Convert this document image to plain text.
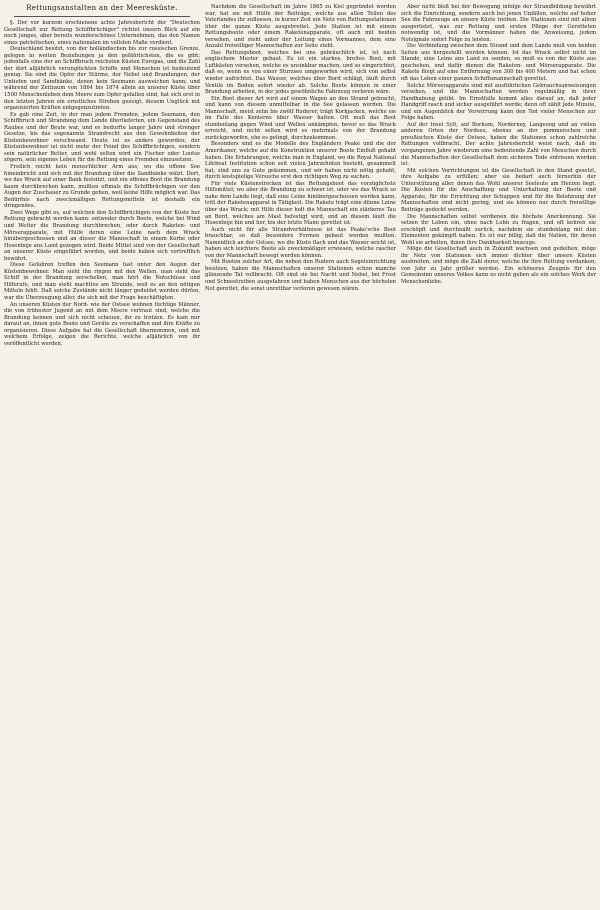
Rettungsanstalten an der Meeresküste.

§. Der vor kurzem erschienene achte Jahresbericht der "Deutschen Gesellschaft zur Rettung Schiffbrüchiger" richtet unsern Blick auf ein noch junges, aber bereits wunderschönes Unternehmen, das den Namen eines patriotischen, eines nationalen im vollsten Maße verdient.

Deutschland besitzt, von der holländischen bis zur russischen Grenze, gelegen in weiten Beziehungen ja den gefährlichsten, die es gibt; jedenfalls eine der an Schiffbruch reichsten Küsten Europas, und die Zahl der dort alljährlich verunglückten Schiffe und Menschen ist bedeutend genug. Sie sind die Opfer der Stürme, der Nebel und Brandungen, der Untiefen und Sandbänke, denen kein Seemann ausweichen kann; und während der Zeitraum von 1864 bis 1874 allein an unserer Küste über 1500 Menschenleben dem Meere zum Opfer gefallen sind, hat sich erst in den letzten Jahren ein ernstliches Streben gezeigt, diesem Unglück mit organisierten Kräften entgegenzutreten.

Es gab eine Zeit, in der man jedem Fremden, jedem Seemann, den Schiffbruch und Strandung dem Lande überlieferten, ein Gegenstand des Raubes und der Beute war, und es bedurfte langer Jahre und strenger Gesetze, bis das sogenannte Strandrecht aus den Gewohnheiten der Küstenbewohner verschwand. Heute ist es anders geworden; der Küstenbewohner ist nicht mehr der Feind des Schiffbrüchigen, sondern sein natürlicher Retter, und wohl selten wird ein Fischer oder Lootse zögern, sein eigenes Leben für die Rettung eines Fremden einzusetzen.

Freilich reicht kein menschlicher Arm aus, wo die offene See hineinbricht und sich mit der Brandung über die Sandbänke wälzt. Dort, wo das Wrack auf einer Bank festsitzt, und ein offenes Boot die Brandung kaum durchbrechen kann, mußten oftmals die Schiffbrüchigen vor den Augen der Zuschauer zu Grunde gehen, weil keine Hilfe möglich war. Das Bedürfnis nach zweckmäßigen Rettungsmitteln ist deshalb ein dringendes.

Zwei Wege gibt es, auf welchen den Schiffbrüchigen von der Küste her Rettung gebracht werden kann: entweder durch Boote, welche bei Wind und Wetter die Brandung durchbrechen, oder durch Raketen- und Mörserapparate, mit Hülfe deren eine Leine nach dem Wrack hinübergeschossen und an dieser die Mannschaft in einem Korbe oder Hosenboje ans Land gezogen wird. Beide Mittel sind von der Gesellschaft an unserer Küste eingeführt worden, und beide haben sich vortrefflich bewährt.

Diese Gefahren treffen den Seemann fast unter den Augen der Küstenbewohner. Man sieht ihn ringen mit den Wellen, man sieht das Schiff in der Brandung zerschellen, man hört die Notschüsse und Hilferufe, und man steht machtlos am Strande, weil es an den nötigen Mitteln fehlt. Daß solche Zustände nicht länger geduldet werden dürfen, war die Überzeugung aller, die sich mit der Frage beschäftigten.

An unseren Küsten der Nord- wie der Ostsee wohnen tüchtige Männer, die von frühester Jugend an mit dem Meere vertraut sind, welche die Brandung kennen und sich nicht scheuen, ihr zu trotzen. Es kam nur darauf an, ihnen gute Boote und Geräte zu verschaffen und ihre Kräfte zu organisieren. Diese Aufgabe hat die Gesellschaft übernommen, und mit welchem Erfolge, zeigen die Berichte, welche alljährlich von ihr veröffentlicht werden.

Nachdem die Gesellschaft im Jahre 1865 zu Kiel gegründet worden war, hat sie mit Hülfe der Beiträge, welche aus allen Teilen des Vaterlandes ihr zuflossen, in kurzer Zeit ein Netz von Rettungsstationen über die ganze Küste ausgebreitet. Jede Station ist mit einem Rettungsboote oder einem Raketenapparate, oft auch mit beiden versehen, und steht unter der Leitung eines Vormannes, dem eine Anzahl freiwilliger Mannschaften zur Seite steht.

Das Rettungsboot, welches bei uns gebräuchlich ist, ist nach englischem Muster gebaut. Es ist ein starkes, breites Boot, mit Luftkästen versehen, welche es unsinkbar machen, und so eingerichtet, daß es, wenn es von einer Sturzsee umgeworfen wird, sich von selbst wieder aufrichtet. Das Wasser, welches über Bord schlägt, läuft durch Ventile im Boden sofort wieder ab. Solche Boote können in einer Brandung arbeiten, in der jedes gewöhnliche Fahrzeug verloren wäre.

Ein Boot dieser Art wird auf einem Wagen an den Strand gebracht, und kann von diesem unmittelbar in die See gelassen werden. Die Mannschaft, meist zehn bis zwölf Ruderer, trägt Korkjacken, welche sie im Falle des Kenterns über Wasser halten. Oft muß das Boot stundenlang gegen Wind und Wellen ankämpfen, bevor es das Wrack erreicht, und nicht selten wird es mehrmals von der Brandung zurückgeworfen, ehe es gelingt, durchzukommen.

Besonders sind es die Modelle des Engländers Peake und die der Amerikaner, welche auf die Konstruktion unserer Boote Einfluß gehabt haben. Die Erfahrungen, welche man in England, wo die Royal National Lifeboat Institution schon seit vielen Jahrzehnten besteht, gesammelt hat, sind uns zu Gute gekommen, und wir haben nicht nötig gehabt, durch kostspielige Versuche erst den richtigen Weg zu suchen.

Für viele Küstenstrecken ist das Rettungsboot das vorzüglichste Hilfsmittel; wo aber die Brandung zu schwer ist, oder wo das Wrack so nahe dem Lande liegt, daß eine Leine hinübergeschossen werden kann, tritt der Raketenapparat in Tätigkeit. Die Rakete trägt eine dünne Leine über das Wrack; mit Hilfe dieser holt die Mannschaft ein stärkeres Tau an Bord, welches am Mast befestigt wird, und an diesem läuft die Hosenboje hin und her, bis der letzte Mann gerettet ist.

Auch nicht für alle Strandverhältnisse ist das Peake'sche Boot brauchbar, so daß besondere Formen gebaut werden mußten. Namentlich an der Ostsee, wo die Küste flach und das Wasser seicht ist, haben sich leichtere Boote als zweckmäßiger erwiesen, welche rascher von der Mannschaft bewegt werden können.

Mit Booten solcher Art, die neben den Rudern auch Segeleinrichtung besitzen, haben die Mannschaften unserer Stationen schon manche glänzende Tat vollbracht. Oft sind sie bei Nacht und Nebel, bei Frost und Schneetreiben ausgefahren und haben Menschen aus der höchsten Not gerettet, die sonst unrettbar verloren gewesen wären.

Aber nicht bloß bei der Bewegung infolge der Strandbildung bewährt sich die Einrichtung, sondern auch bei jenen Unfällen, welche auf hoher See die Fahrzeuge an unsere Küste treiben. Die Stationen sind mit allem ausgerüstet, was zur Rettung und ersten Pflege der Geretteten notwendig ist, und die Vormänner haben die Anweisung, jedem Notsignale sofort Folge zu leisten.

Die Verbindung zwischen dem Strand und dem Lande muß von beiden Seiten aus hergestellt werden können. Ist das Wrack selbst nicht im Stande, eine Leine ans Land zu senden, so muß es von der Küste aus geschehen, und dafür dienen die Raketen- und Mörserapparate. Die Rakete fliegt auf eine Entfernung von 300 bis 400 Metern und hat schon oft das Leben einer ganzen Schiffsmannschaft gerettet.

Solche Mörserapparate sind mit ausführlichen Gebrauchsanweisungen versehen, und die Mannschaften werden regelmäßig in ihrer Handhabung geübt. Im Ernstfalle kommt alles darauf an, daß jeder Handgriff rasch und sicher ausgeführt werde; denn oft zählt jede Minute, und ein Augenblick der Verwirrung kann den Tod vieler Menschen zur Folge haben.

Auf der Insel Sylt, auf Borkum, Norderney, Langeoog und an vielen anderen Orten der Nordsee, ebenso an der pommerschen und preußischen Küste der Ostsee, haben die Stationen schon zahlreiche Rettungen vollbracht. Der achte Jahresbericht weist nach, daß im vergangenen Jahre wiederum eine bedeutende Zahl von Menschen durch die Mannschaften der Gesellschaft dem sicheren Tode entrissen worden ist.

Mit solchen Vorrichtungen ist die Gesellschaft in den Stand gesetzt, ihre Aufgabe zu erfüllen; aber sie bedarf auch fernerhin der Unterstützung aller, denen das Wohl unserer Seeleute am Herzen liegt. Die Kosten für die Anschaffung und Unterhaltung der Boote und Apparate, für die Errichtung der Schuppen und für die Belohnung der Mannschaften sind nicht gering, und sie können nur durch freiwillige Beiträge gedeckt werden.

Die Mannschaften selbst verdienen die höchste Anerkennung. Sie setzen ihr Leben ein, ohne nach Lohn zu fragen, und oft kehren sie erschöpft und durchnäßt zurück, nachdem sie stundenlang mit den Elementen gekämpft haben. Es ist nur billig, daß die Nation, für deren Wohl sie arbeiten, ihnen ihre Dankbarkeit bezeuge.

Möge die Gesellschaft auch in Zukunft wachsen und gedeihen, möge ihr Netz von Stationen sich immer dichter über unsere Küsten ausbreiten, und möge die Zahl derer, welche ihr ihre Rettung verdanken, von Jahr zu Jahr größer werden. Ein schöneres Zeugnis für den Gemeinsinn unseres Volkes kann es nicht geben als ein solches Werk der Menschenliebe.
